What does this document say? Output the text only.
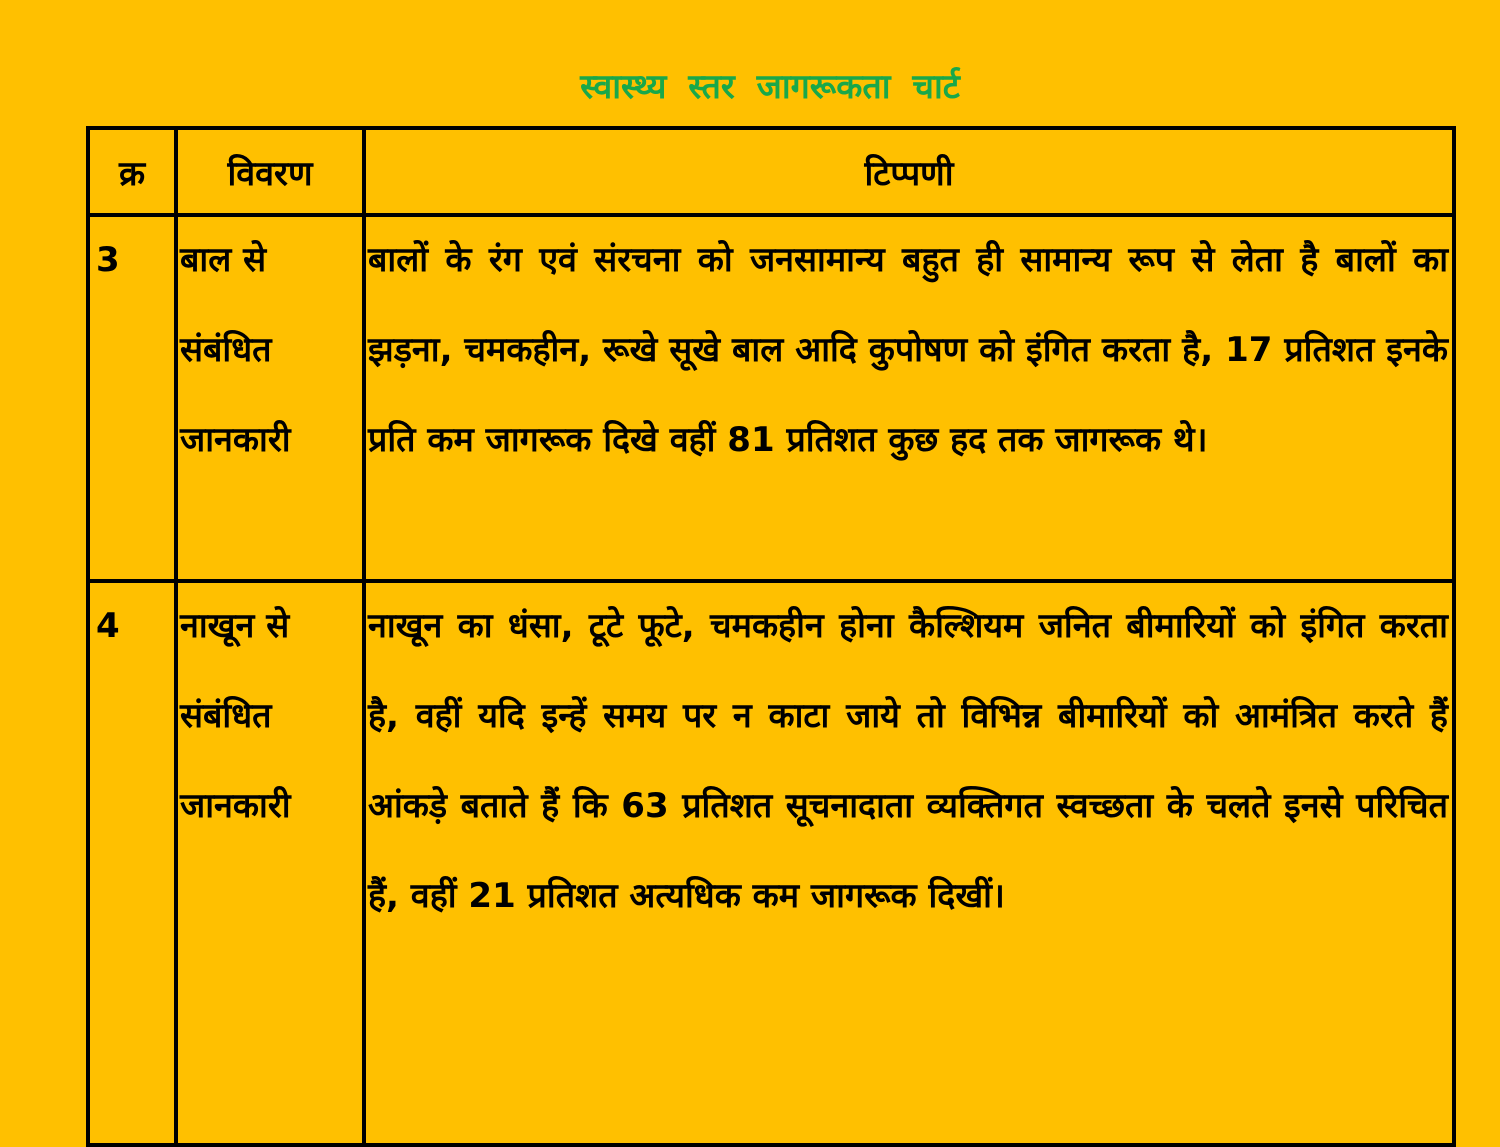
स्वास्थ्य स्तर जागरूकता चार्ट
क्र	विवरण	टिप्पणी

3	बाल से संबंधित जानकारी	बालों के रंग एवं संरचना को जनसामान्य बहुत ही सामान्य रूप से लेता है बालों का झड़ना, चमकहीन, रूखे सूखे बाल आदि कुपोषण को इंगित करता है, 17 प्रतिशत इनके प्रति कम जागरूक दिखे वहीं 81 प्रतिशत कुछ हद तक जागरूक थे।

4	नाखून से संबंधित जानकारी	नाखून का धंसा, टूटे फूटे, चमकहीन होना कैल्शियम जनित बीमारियों को इंगित करता है, वहीं यदि इन्हें समय पर न काटा जाये तो विभिन्न बीमारियों को आमंत्रित करते हैं आंकड़े बताते हैं कि 63 प्रतिशत सूचनादाता व्यक्तिगत स्वच्छता के चलते इनसे परिचित हैं, वहीं 21 प्रतिशत अत्यधिक कम जागरूक दिखीं।
